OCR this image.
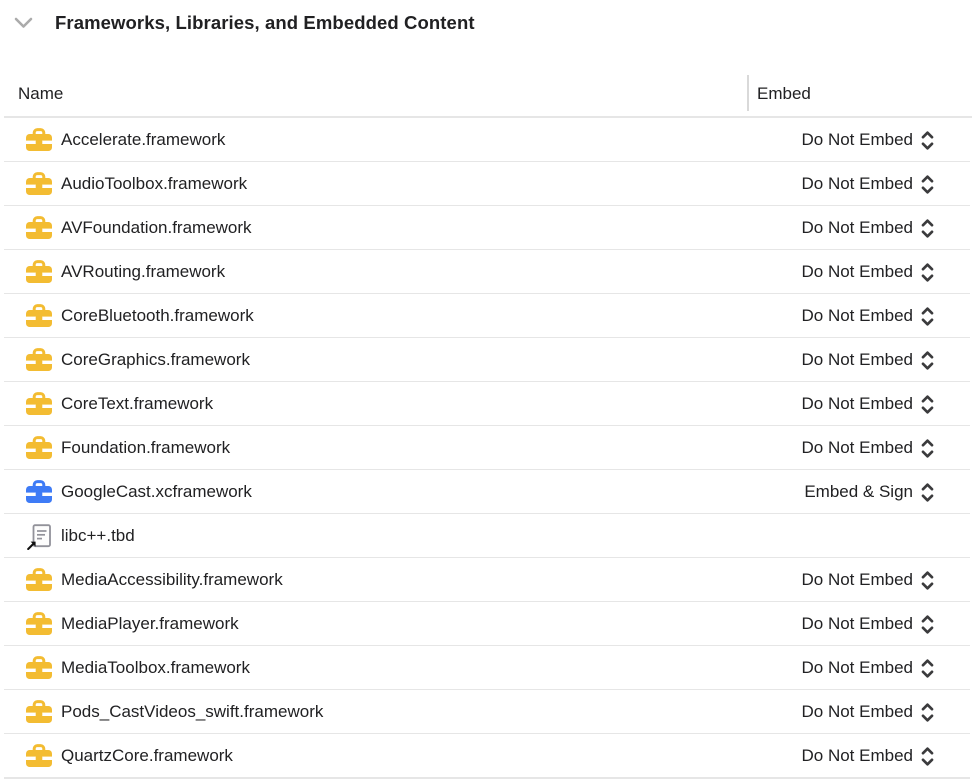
Frameworks, Libraries, and Embedded Content
Name	Embed
Accelerate.framework	Do Not Embed
AudioToolbox.framework	Do Not Embed
AVFoundation.framework	Do Not Embed
AVRouting.framework	Do Not Embed
CoreBluetooth.framework	Do Not Embed
CoreGraphics.framework	Do Not Embed
CoreText.framework	Do Not Embed
Foundation.framework	Do Not Embed
GoogleCast.xcframework	Embed & Sign
libc++.tbd
MediaAccessibility.framework	Do Not Embed
MediaPlayer.framework	Do Not Embed
MediaToolbox.framework	Do Not Embed
Pods_CastVideos_swift.framework	Do Not Embed
QuartzCore.framework	Do Not Embed
